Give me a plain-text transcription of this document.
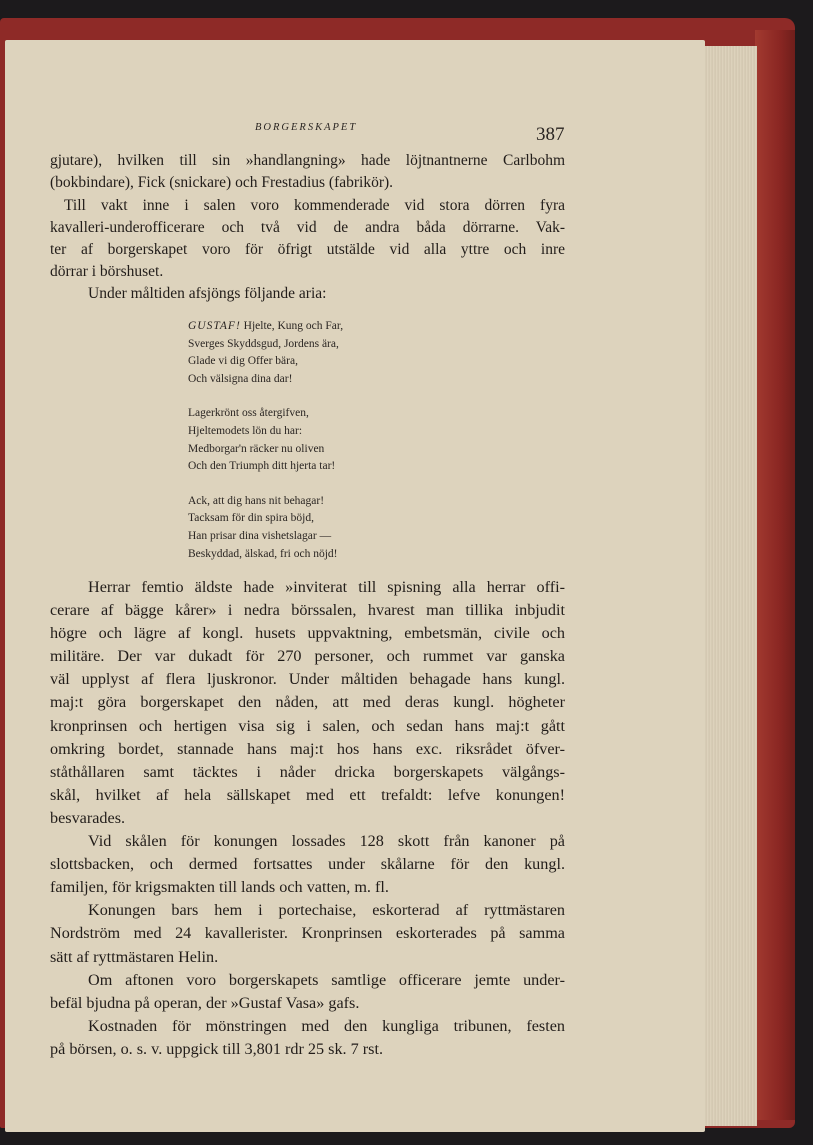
BORGERSKAPET	387
gjutare), hvilken till sin »handlangning» hade löjtnantnerne Carlbohm
(bokbindare), Fick (snickare) och Frestadius (fabrikör).
Till vakt inne i salen voro kommenderade vid stora dörren fyra
kavalleri-underofficerare och två vid de andra båda dörrarne. Vak-
ter af borgerskapet voro för öfrigt utstälde vid alla yttre och inre
dörrar i börshuset.
Under måltiden afsjöngs följande aria:
GUSTAF! Hjelte, Kung och Far,
Sverges Skyddsgud, Jordens ära,
Glade vi dig Offer bära,
Och välsigna dina dar!
Lagerkrönt oss återgifven,
Hjeltemodets lön du har:
Medborgar'n räcker nu oliven
Och den Triumph ditt hjerta tar!
Ack, att dig hans nit behagar!
Tacksam för din spira böjd,
Han prisar dina vishetslagar —
Beskyddad, älskad, fri och nöjd!
Herrar femtio äldste hade »inviterat till spisning alla herrar offi-
cerare af bägge kårer» i nedra börssalen, hvarest man tillika inbjudit
högre och lägre af kongl. husets uppvaktning, embetsmän, civile och
militäre. Der var dukadt för 270 personer, och rummet var ganska
väl upplyst af flera ljuskronor. Under måltiden behagade hans kungl.
maj:t göra borgerskapet den nåden, att med deras kungl. högheter
kronprinsen och hertigen visa sig i salen, och sedan hans maj:t gått
omkring bordet, stannade hans maj:t hos hans exc. riksrådet öfver-
ståthållaren samt täcktes i nåder dricka borgerskapets välgångs-
skål, hvilket af hela sällskapet med ett trefaldt: lefve konungen!
besvarades.
Vid skålen för konungen lossades 128 skott från kanoner på
slottsbacken, och dermed fortsattes under skålarne för den kungl.
familjen, för krigsmakten till lands och vatten, m. fl.
Konungen bars hem i portechaise, eskorterad af ryttmästaren
Nordström med 24 kavallerister. Kronprinsen eskorterades på samma
sätt af ryttmästaren Helin.
Om aftonen voro borgerskapets samtlige officerare jemte under-
befäl bjudna på operan, der »Gustaf Vasa» gafs.
Kostnaden för mönstringen med den kungliga tribunen, festen
på börsen, o. s. v. uppgick till 3,801 rdr 25 sk. 7 rst.
